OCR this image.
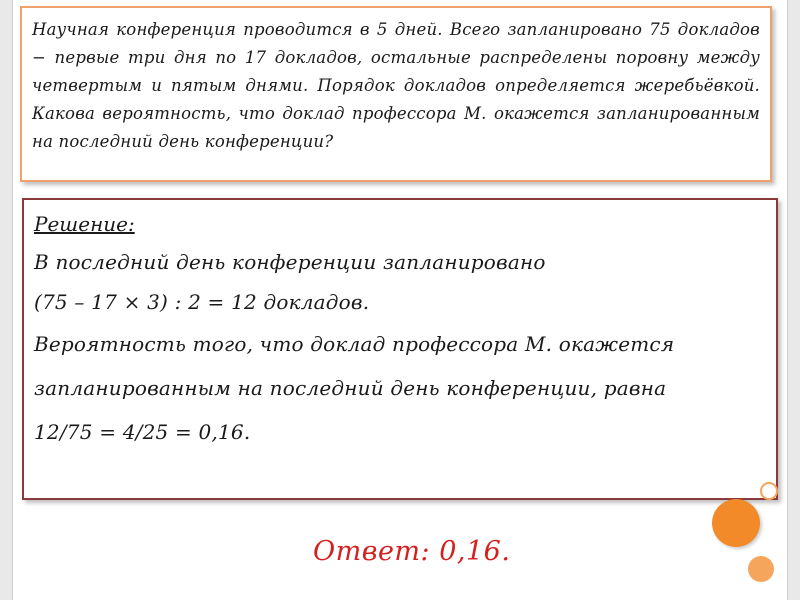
Научная конференция проводится в 5 дней. Всего запланировано 75 докладов − первые три дня по 17 докладов, остальные распределены поровну между четвертым и пятым днями. Порядок докладов определяется жеребьёвкой. Какова вероятность, что доклад профессора М. окажется запланированным на последний день конференции?

Решение:

В последний день конференции запланировано

(75 – 17 × 3) : 2 = 12 докладов.

Вероятность того, что доклад профессора М. окажется

запланированным на последний день конференции, равна

12/75 = 4/25 = 0,16.

Ответ: 0,16.
